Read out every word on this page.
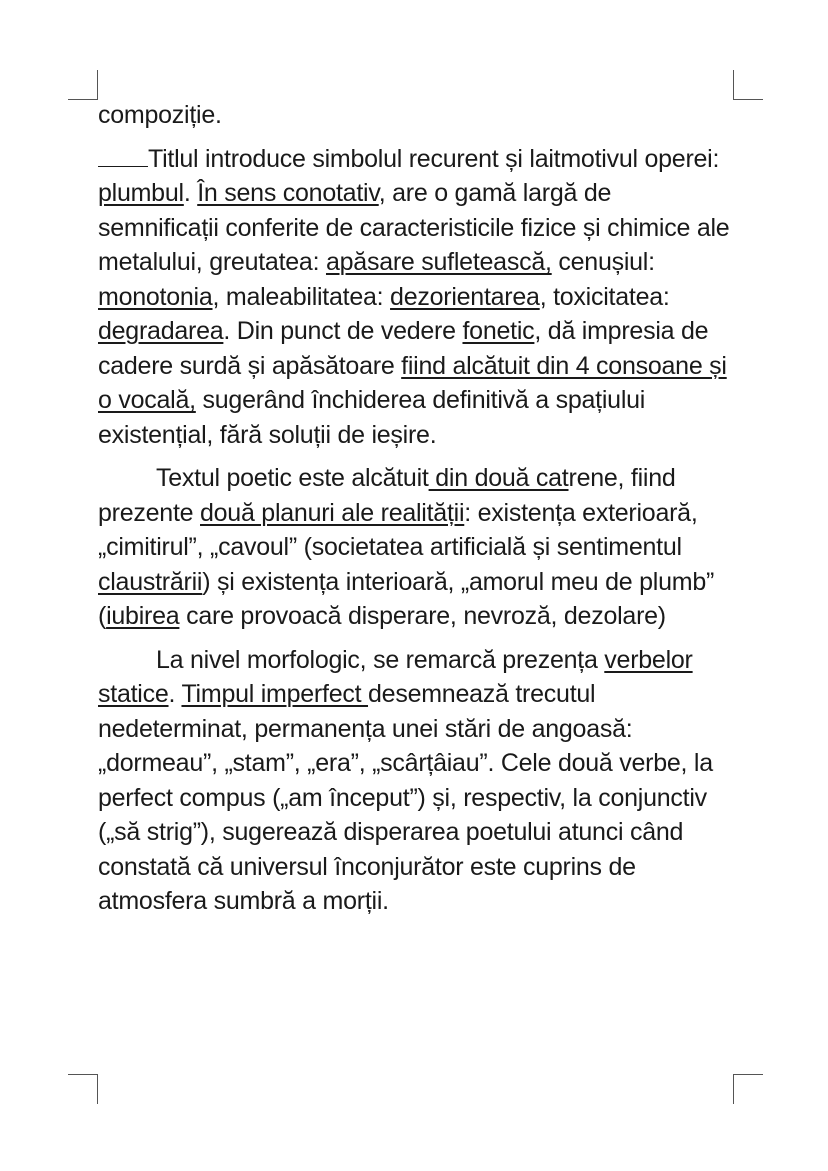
compoziție.

Titlul introduce simbolul recurent și laitmotivul operei: plumbul. În sens conotativ, are o gamă largă de semnificații conferite de caracteristicile fizice și chimice ale metalului, greutatea: apăsare sufletească, cenușiul: monotonia, maleabilitatea: dezorientarea, toxicitatea: degradarea. Din punct de vedere fonetic, dă impresia de cadere surdă și apăsătoare fiind alcătuit din 4 consoane și o vocală, sugerând închiderea definitivă a spațiului existențial, fără soluții de ieșire.

Textul poetic este alcătuit din două catrene, fiind prezente două planuri ale realității: existența exterioară, „cimitirul”, „cavoul” (societatea artificială și sentimentul claustrării) și existența interioară, „amorul meu de plumb” (iubirea care provoacă disperare, nevroză, dezolare)

La nivel morfologic, se remarcă prezența verbelor statice. Timpul imperfect desemnează trecutul nedeterminat, permanența unei stări de angoasă: „dormeau”, „stam”, „era”, „scârțâiau”. Cele două verbe, la perfect compus („am început”) și, respectiv, la conjunctiv („să strig”), sugerează disperarea poetului atunci când constată că universul înconjurător este cuprins de atmosfera sumbră a morții.
